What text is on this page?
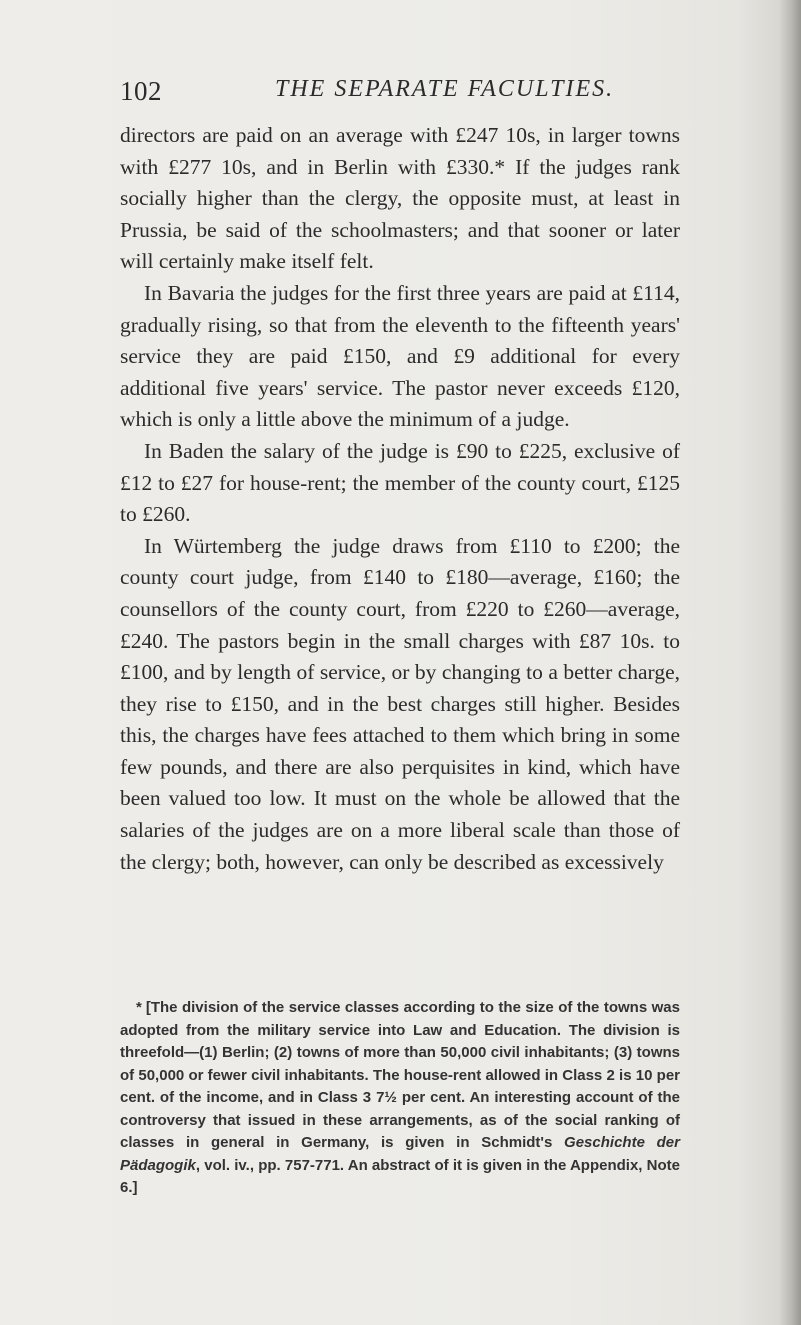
102	THE SEPARATE FACULTIES.

directors are paid on an average with £247 10s, in larger towns with £277 10s, and in Berlin with £330.* If the judges rank socially higher than the clergy, the opposite must, at least in Prussia, be said of the schoolmasters; and that sooner or later will certainly make itself felt.

In Bavaria the judges for the first three years are paid at £114, gradually rising, so that from the eleventh to the fifteenth years' service they are paid £150, and £9 additional for every additional five years' service. The pastor never exceeds £120, which is only a little above the minimum of a judge.

In Baden the salary of the judge is £90 to £225, exclusive of £12 to £27 for house-rent; the member of the county court, £125 to £260.

In Würtemberg the judge draws from £110 to £200; the county court judge, from £140 to £180—average, £160; the counsellors of the county court, from £220 to £260—average, £240. The pastors begin in the small charges with £87 10s. to £100, and by length of service, or by changing to a better charge, they rise to £150, and in the best charges still higher. Besides this, the charges have fees attached to them which bring in some few pounds, and there are also perquisites in kind, which have been valued too low. It must on the whole be allowed that the salaries of the judges are on a more liberal scale than those of the clergy; both, however, can only be described as excessively

* [The division of the service classes according to the size of the towns was adopted from the military service into Law and Education. The division is threefold—(1) Berlin; (2) towns of more than 50,000 civil inhabitants; (3) towns of 50,000 or fewer civil inhabitants. The house-rent allowed in Class 2 is 10 per cent. of the income, and in Class 3 7½ per cent. An interesting account of the controversy that issued in these arrangements, as of the social ranking of classes in general in Germany, is given in Schmidt's Geschichte der Pädagogik, vol. iv., pp. 757-771. An abstract of it is given in the Appendix, Note 6.]
